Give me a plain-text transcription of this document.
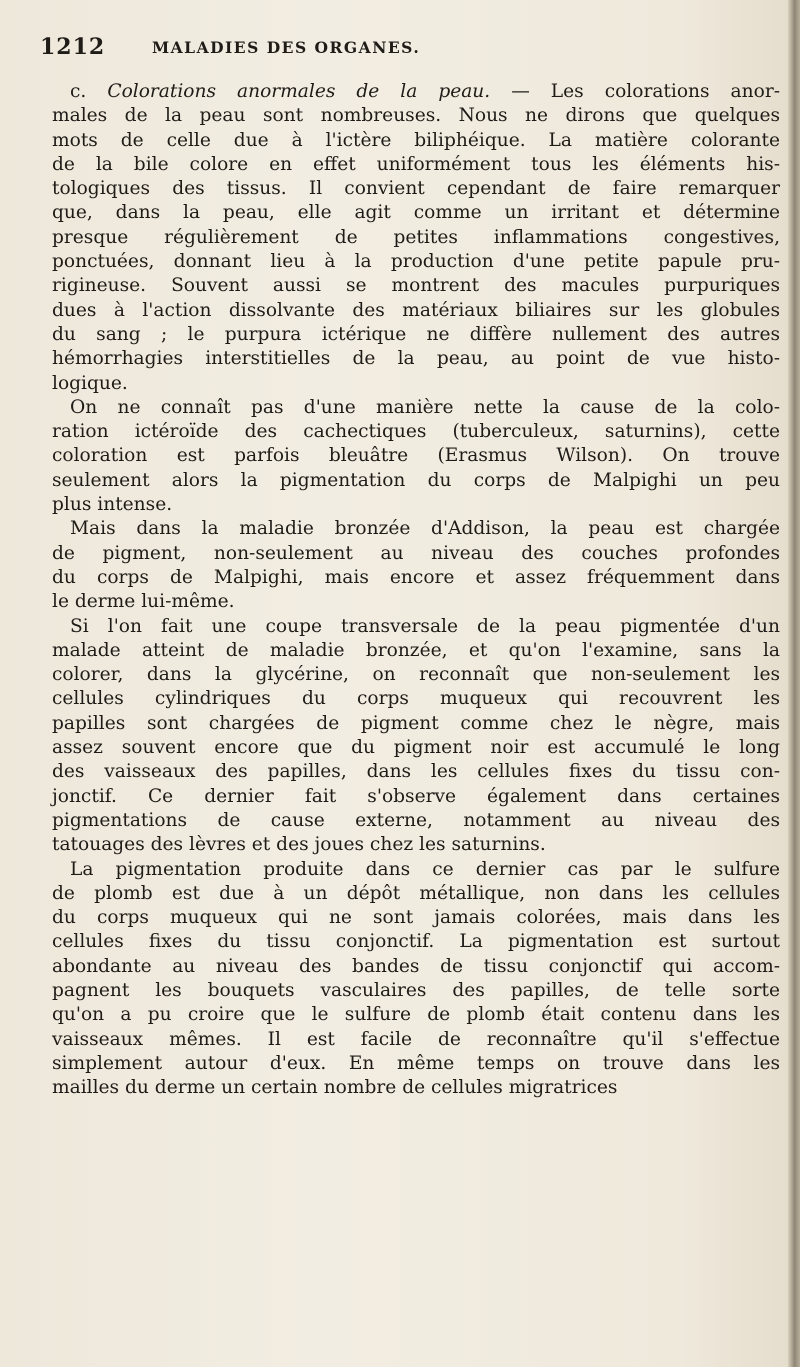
1212	MALADIES DES ORGANES.
c. Colorations anormales de la peau. — Les colorations anor-
males de la peau sont nombreuses. Nous ne dirons que quelques
mots de celle due à l'ictère biliphéique. La matière colorante
de la bile colore en effet uniformément tous les éléments his-
tologiques des tissus. Il convient cependant de faire remarquer
que, dans la peau, elle agit comme un irritant et détermine
presque régulièrement de petites inflammations congestives,
ponctuées, donnant lieu à la production d'une petite papule pru-
rigineuse. Souvent aussi se montrent des macules purpuriques
dues à l'action dissolvante des matériaux biliaires sur les globules
du sang ; le purpura ictérique ne diffère nullement des autres
hémorrhagies interstitielles de la peau, au point de vue histo-
logique.
On ne connaît pas d'une manière nette la cause de la colo-
ration ictéroïde des cachectiques (tuberculeux, saturnins), cette
coloration est parfois bleuâtre (Erasmus Wilson). On trouve
seulement alors la pigmentation du corps de Malpighi un peu
plus intense.
Mais dans la maladie bronzée d'Addison, la peau est chargée
de pigment, non-seulement au niveau des couches profondes
du corps de Malpighi, mais encore et assez fréquemment dans
le derme lui-même.
Si l'on fait une coupe transversale de la peau pigmentée d'un
malade atteint de maladie bronzée, et qu'on l'examine, sans la
colorer, dans la glycérine, on reconnaît que non-seulement les
cellules cylindriques du corps muqueux qui recouvrent les
papilles sont chargées de pigment comme chez le nègre, mais
assez souvent encore que du pigment noir est accumulé le long
des vaisseaux des papilles, dans les cellules fixes du tissu con-
jonctif. Ce dernier fait s'observe également dans certaines
pigmentations de cause externe, notamment au niveau des
tatouages des lèvres et des joues chez les saturnins.
La pigmentation produite dans ce dernier cas par le sulfure
de plomb est due à un dépôt métallique, non dans les cellules
du corps muqueux qui ne sont jamais colorées, mais dans les
cellules fixes du tissu conjonctif. La pigmentation est surtout
abondante au niveau des bandes de tissu conjonctif qui accom-
pagnent les bouquets vasculaires des papilles, de telle sorte
qu'on a pu croire que le sulfure de plomb était contenu dans les
vaisseaux mêmes. Il est facile de reconnaître qu'il s'effectue
simplement autour d'eux. En même temps on trouve dans les
mailles du derme un certain nombre de cellules migratrices
